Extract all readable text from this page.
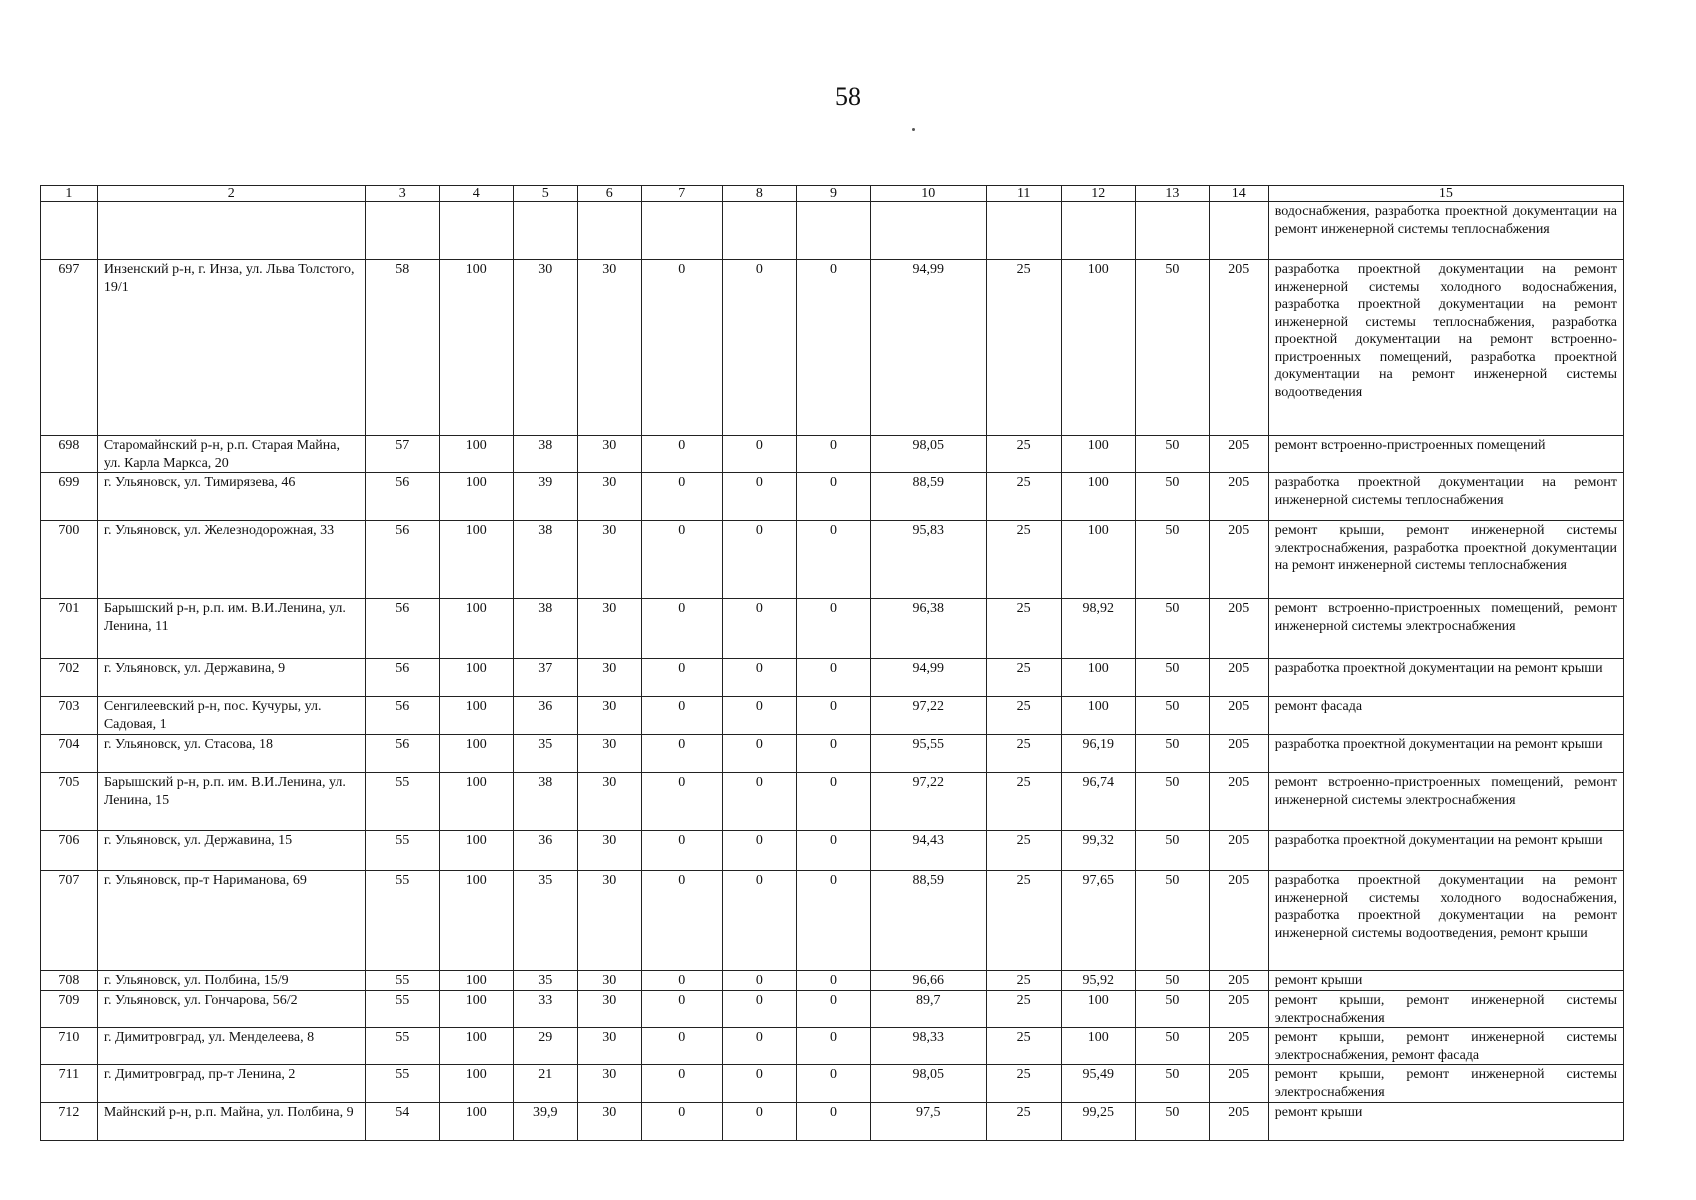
58
1	2	3	4	5	6	7	8	9	10	11	12	13	14	15
														водоснабжения, разработка проектной документации на ремонт инженерной системы теплоснабжения
697	Инзенский р-н, г. Инза, ул. Льва Толстого, 19/1	58	100	30	30	0	0	0	94,99	25	100	50	205	разработка проектной документации на ремонт инженерной системы холодного водоснабжения, разработка проектной документации на ремонт инженерной системы теплоснабжения, разработка проектной документации на ремонт встроенно-пристроенных помещений, разработка проектной документации на ремонт инженерной системы водоотведения
698	Старомайнский р-н, р.п. Старая Майна, ул. Карла Маркса, 20	57	100	38	30	0	0	0	98,05	25	100	50	205	ремонт встроенно-пристроенных помещений
699	г. Ульяновск, ул. Тимирязева, 46	56	100	39	30	0	0	0	88,59	25	100	50	205	разработка проектной документации на ремонт инженерной системы теплоснабжения
700	г. Ульяновск, ул. Железнодорожная, 33	56	100	38	30	0	0	0	95,83	25	100	50	205	ремонт крыши, ремонт инженерной системы электроснабжения, разработка проектной документации на ремонт инженерной системы теплоснабжения
701	Барышский р-н, р.п. им. В.И.Ленина, ул. Ленина, 11	56	100	38	30	0	0	0	96,38	25	98,92	50	205	ремонт встроенно-пристроенных помещений, ремонт инженерной системы электроснабжения
702	г. Ульяновск, ул. Державина, 9	56	100	37	30	0	0	0	94,99	25	100	50	205	разработка проектной документации на ремонт крыши
703	Сенгилеевский р-н, пос. Кучуры, ул. Садовая, 1	56	100	36	30	0	0	0	97,22	25	100	50	205	ремонт фасада
704	г. Ульяновск, ул. Стасова, 18	56	100	35	30	0	0	0	95,55	25	96,19	50	205	разработка проектной документации на ремонт крыши
705	Барышский р-н, р.п. им. В.И.Ленина, ул. Ленина, 15	55	100	38	30	0	0	0	97,22	25	96,74	50	205	ремонт встроенно-пристроенных помещений, ремонт инженерной системы электроснабжения
706	г. Ульяновск, ул. Державина, 15	55	100	36	30	0	0	0	94,43	25	99,32	50	205	разработка проектной документации на ремонт крыши
707	г. Ульяновск, пр-т Нариманова, 69	55	100	35	30	0	0	0	88,59	25	97,65	50	205	разработка проектной документации на ремонт инженерной системы холодного водоснабжения, разработка проектной документации на ремонт инженерной системы водоотведения, ремонт крыши
708	г. Ульяновск, ул. Полбина, 15/9	55	100	35	30	0	0	0	96,66	25	95,92	50	205	ремонт крыши
709	г. Ульяновск, ул. Гончарова, 56/2	55	100	33	30	0	0	0	89,7	25	100	50	205	ремонт крыши, ремонт инженерной системы электроснабжения
710	г. Димитровград, ул. Менделеева, 8	55	100	29	30	0	0	0	98,33	25	100	50	205	ремонт крыши, ремонт инженерной системы электроснабжения, ремонт фасада
711	г. Димитровград, пр-т Ленина, 2	55	100	21	30	0	0	0	98,05	25	95,49	50	205	ремонт крыши, ремонт инженерной системы электроснабжения
712	Майнский р-н, р.п. Майна, ул. Полбина, 9	54	100	39,9	30	0	0	0	97,5	25	99,25	50	205	ремонт крыши
